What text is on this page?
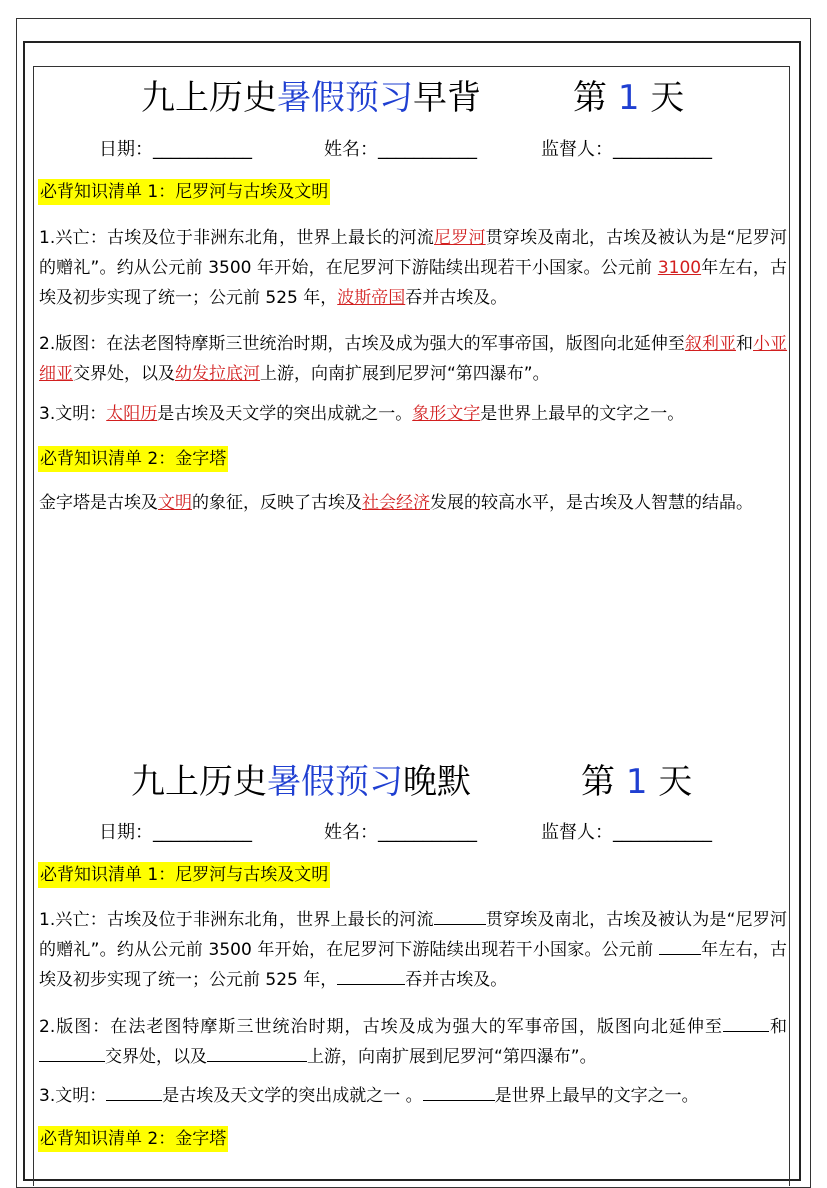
九上历史暑假预习早背	第 1 天
日期：___________	姓名：___________	监督人：___________
必背知识清单 1：尼罗河与古埃及文明
1.兴亡：古埃及位于非洲东北角，世界上最长的河流尼罗河贯穿埃及南北，古埃及被认为是“尼罗河的赠礼”。约从公元前 3500 年开始，在尼罗河下游陆续出现若干小国家。公元前 3100年左右，古埃及初步实现了统一；公元前 525 年，波斯帝国吞并古埃及。
2.版图：在法老图特摩斯三世统治时期，古埃及成为强大的军事帝国，版图向北延伸至叙利亚和小亚细亚交界处，以及幼发拉底河上游，向南扩展到尼罗河“第四瀑布”。
3.文明：太阳历是古埃及天文学的突出成就之一。象形文字是世界上最早的文字之一。
必背知识清单 2：金字塔
金字塔是古埃及文明的象征，反映了古埃及社会经济发展的较高水平，是古埃及人智慧的结晶。
九上历史暑假预习晚默	第 1 天
日期：___________	姓名：___________	监督人：___________
必背知识清单 1：尼罗河与古埃及文明
1.兴亡：古埃及位于非洲东北角，世界上最长的河流	贯穿埃及南北，古埃及被认为是“尼罗河的赠礼”。约从公元前 3500 年开始，在尼罗河下游陆续出现若干小国家。公元前 年左右，古埃及初步实现了统一；公元前 525 年，	吞并古埃及。
2.版图：在法老图特摩斯三世统治时期，古埃及成为强大的军事帝国，版图向北延伸至	和交界处，以及	上游，向南扩展到尼罗河“第四瀑布”。
3.文明：	是古埃及天文学的突出成就之一 。	是世界上最早的文字之一。
必背知识清单 2：金字塔
